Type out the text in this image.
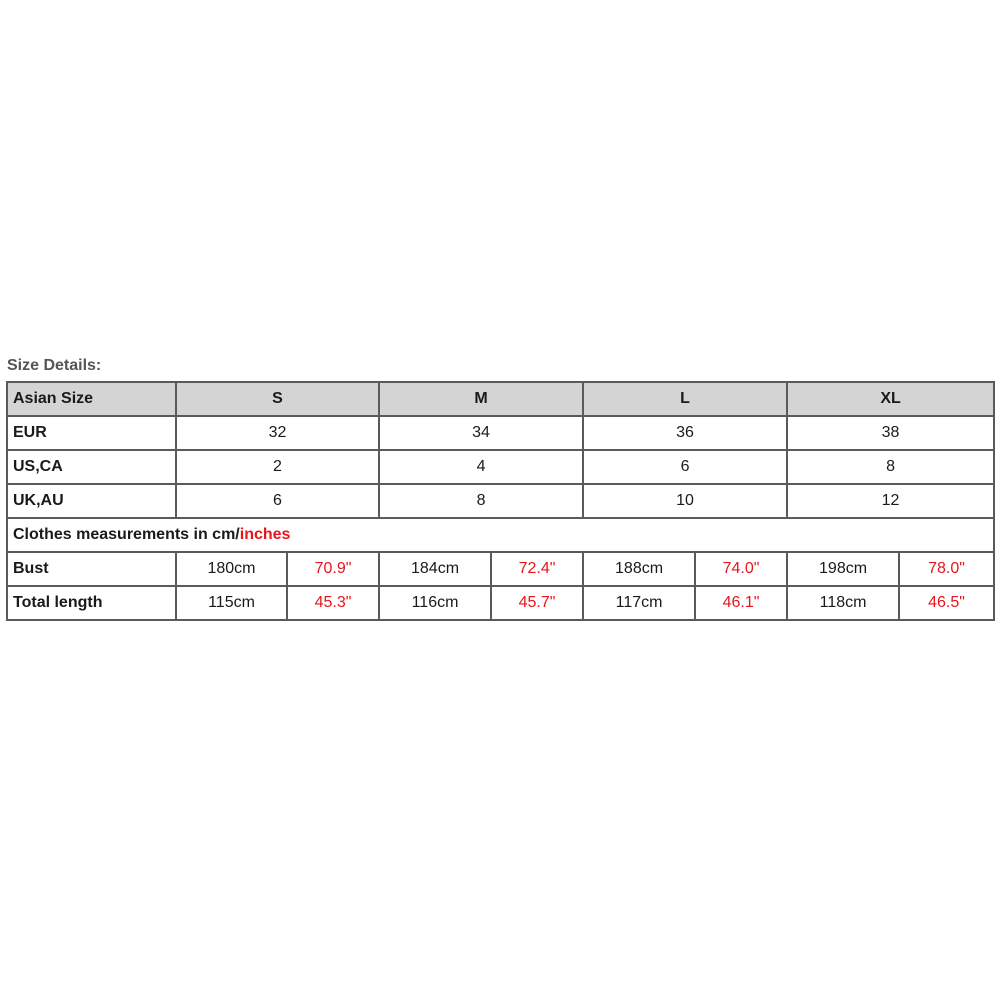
Size Details:
Asian Size	S		M		L		XL	
EUR	32		34		36		38	
US,CA	2		4		6		8	
UK,AU	6		8		10		12	
Clothes measurements in cm/inches								
Bust	180cm	70.9"	184cm	72.4"	188cm	74.0"	198cm	78.0"
Total length	115cm	45.3"	116cm	45.7"	117cm	46.1"	118cm	46.5"
